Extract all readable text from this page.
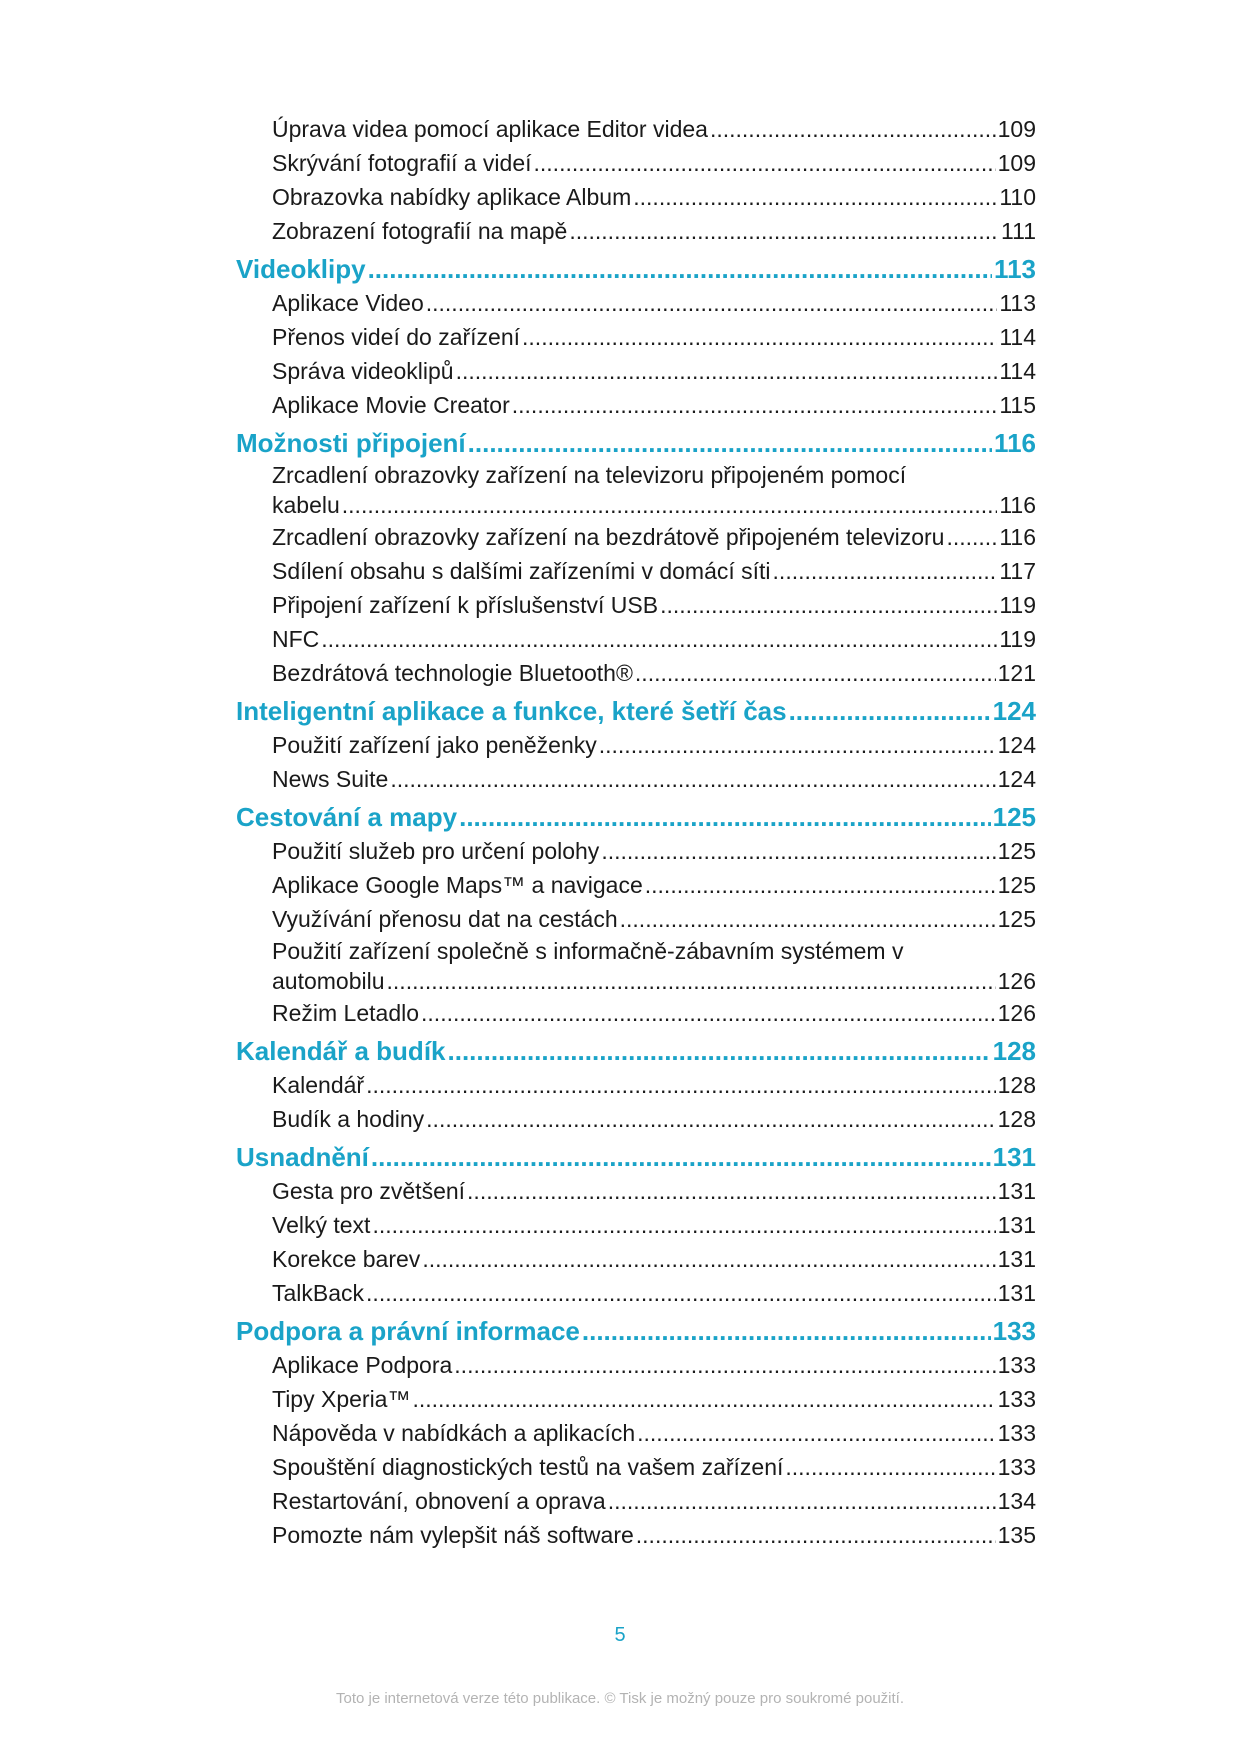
Úprava videa pomocí aplikace Editor videa .....	109
Skrývání fotografií a videí .....	109
Obrazovka nabídky aplikace Album .....	110
Zobrazení fotografií na mapě .....	111
Videoklipy .....	113
Aplikace Video .....	113
Přenos videí do zařízení .....	114
Správa videoklipů .....	114
Aplikace Movie Creator .....	115
Možnosti připojení .....	116
Zrcadlení obrazovky zařízení na televizoru připojeném pomocí
kabelu .....	116
Zrcadlení obrazovky zařízení na bezdrátově připojeném televizoru ..... 116
Sdílení obsahu s dalšími zařízeními v domácí síti .....	117
Připojení zařízení k příslušenství USB .....	119
NFC .....	119
Bezdrátová technologie Bluetooth® .....	121
Inteligentní aplikace a funkce, které šetří čas .....	124
Použití zařízení jako peněženky .....	124
News Suite .....	124
Cestování a mapy .....	125
Použití služeb pro určení polohy .....	125
Aplikace Google Maps™ a navigace .....	125
Využívání přenosu dat na cestách .....	125
Použití zařízení společně s informačně-zábavním systémem v
automobilu .....	126
Režim Letadlo .....	126
Kalendář a budík .....	128
Kalendář .....	128
Budík a hodiny .....	128
Usnadnění .....	131
Gesta pro zvětšení .....	131
Velký text .....	131
Korekce barev .....	131
TalkBack .....	131
Podpora a právní informace .....	133
Aplikace Podpora .....	133
Tipy Xperia™ .....	133
Nápověda v nabídkách a aplikacích .....	133
Spouštění diagnostických testů na vašem zařízení .....	133
Restartování, obnovení a oprava .....	134
Pomozte nám vylepšit náš software .....	135
5
Toto je internetová verze této publikace. © Tisk je možný pouze pro soukromé použití.
